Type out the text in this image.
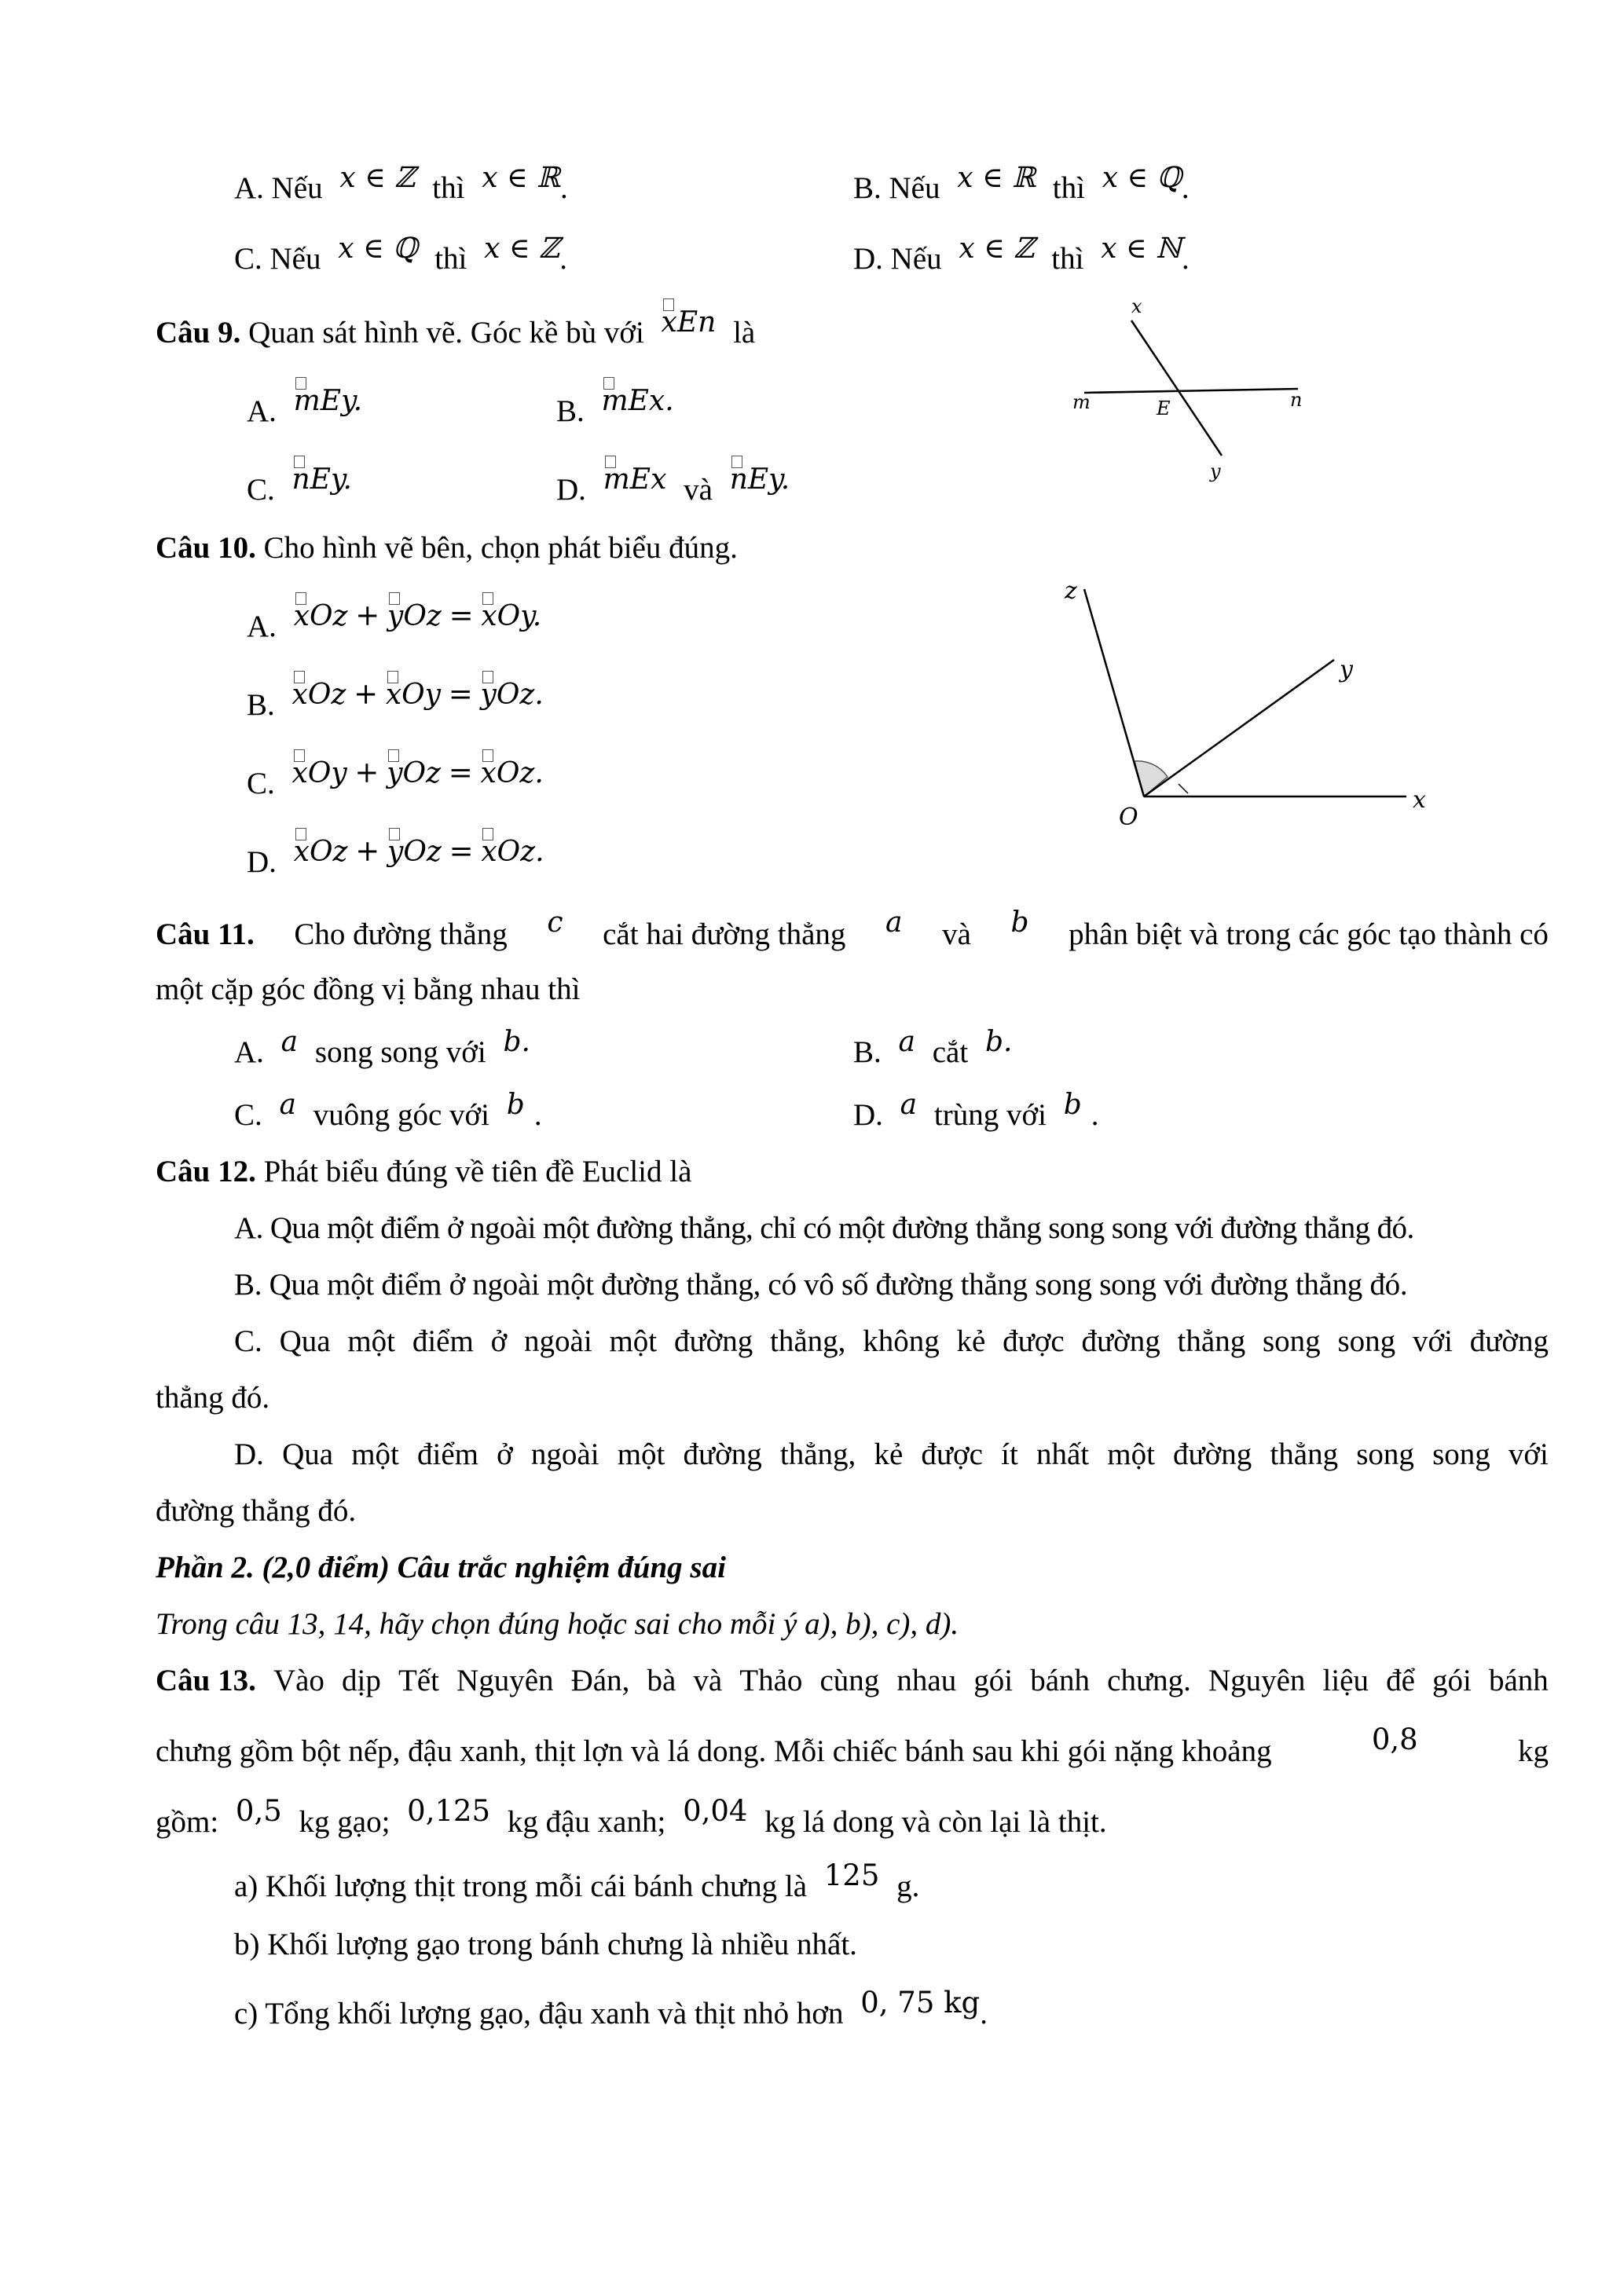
A. Nếu x ∈ ℤ thì x ∈ ℝ.	B. Nếu x ∈ ℝ thì x ∈ ℚ.
C. Nếu x ∈ ℚ thì x ∈ ℤ.	D. Nếu x ∈ ℤ thì x ∈ ℕ.
Câu 9. Quan sát hình vẽ. Góc kề bù với xEn là
A. mEy.	B. mEx.
C. nEy.	D. mEx và nEy.
x
m	E	n
y
Câu 10. Cho hình vẽ bên, chọn phát biểu đúng.
A. xOz + yOz = xOy.
B. xOz + xOy = yOz.
C. xOy + yOz = xOz.
D. xOz + yOz = xOz.
z
y
O
x
Câu 11. Cho đường thẳng c cắt hai đường thẳng a và b phân biệt và trong các góc tạo thành có
một cặp góc đồng vị bằng nhau thì
A. a song song với b.	B. a cắt b.
C. a vuông góc với b .	D. a trùng với b .
Câu 12. Phát biểu đúng về tiên đề Euclid là
A. Qua một điểm ở ngoài một đường thẳng, chỉ có một đường thẳng song song với đường thẳng đó.
B. Qua một điểm ở ngoài một đường thẳng, có vô số đường thẳng song song với đường thẳng đó.
C. Qua một điểm ở ngoài một đường thẳng, không kẻ được đường thẳng song song với đường
thẳng đó.
D. Qua một điểm ở ngoài một đường thẳng, kẻ được ít nhất một đường thẳng song song với
đường thẳng đó.
Phần 2. (2,0 điểm) Câu trắc nghiệm đúng sai
Trong câu 13, 14, hãy chọn đúng hoặc sai cho mỗi ý a), b), c), d).
Câu 13. Vào dịp Tết Nguyên Đán, bà và Thảo cùng nhau gói bánh chưng. Nguyên liệu để gói bánh
chưng gồm bột nếp, đậu xanh, thịt lợn và lá dong. Mỗi chiếc bánh sau khi gói nặng khoảng	0,8	kg
gồm: 0,5 kg gạo; 0,125 kg đậu xanh; 0,04 kg lá dong và còn lại là thịt.
a) Khối lượng thịt trong mỗi cái bánh chưng là 125 g.
b) Khối lượng gạo trong bánh chưng là nhiều nhất.
c) Tổng khối lượng gạo, đậu xanh và thịt nhỏ hơn 0, 75 kg.
